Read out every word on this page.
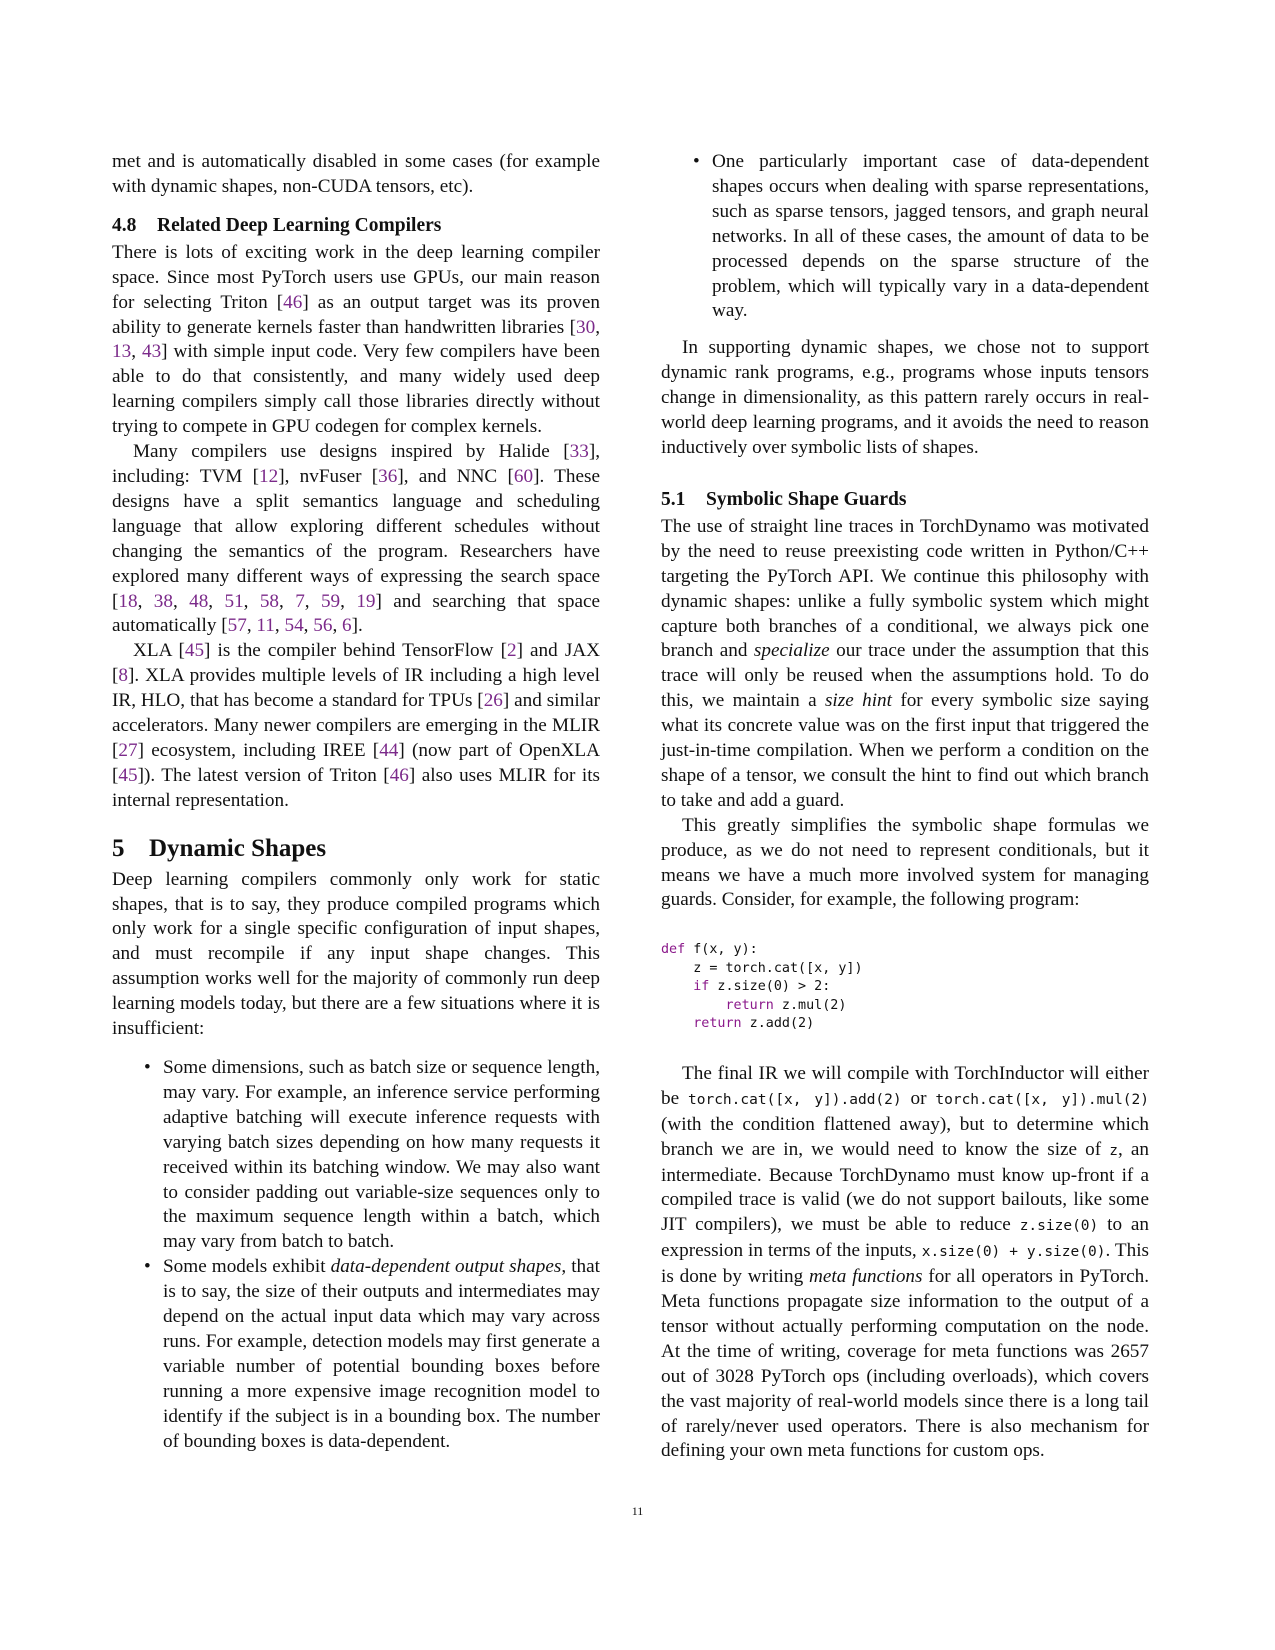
met and is automatically disabled in some cases (for example with dynamic shapes, non-CUDA tensors, etc).

4.8 Related Deep Learning Compilers

There is lots of exciting work in the deep learning compiler space. Since most PyTorch users use GPUs, our main reason for selecting Triton [46] as an output target was its proven ability to generate kernels faster than handwritten libraries [30, 13, 43] with simple input code. Very few compilers have been able to do that consistently, and many widely used deep learning compilers simply call those libraries directly without trying to compete in GPU codegen for complex kernels.

Many compilers use designs inspired by Halide [33], including: TVM [12], nvFuser [36], and NNC [60]. These designs have a split semantics language and scheduling language that allow exploring different schedules without changing the semantics of the program. Researchers have explored many different ways of expressing the search space [18, 38, 48, 51, 58, 7, 59, 19] and searching that space automatically [57, 11, 54, 56, 6].

XLA [45] is the compiler behind TensorFlow [2] and JAX [8]. XLA provides multiple levels of IR including a high level IR, HLO, that has become a standard for TPUs [26] and similar accelerators. Many newer compilers are emerging in the MLIR [27] ecosystem, including IREE [44] (now part of OpenXLA [45]). The latest version of Triton [46] also uses MLIR for its internal representation.

5 Dynamic Shapes

Deep learning compilers commonly only work for static shapes, that is to say, they produce compiled programs which only work for a single specific configuration of input shapes, and must recompile if any input shape changes. This assumption works well for the majority of commonly run deep learning models today, but there are a few situations where it is insufficient:

• Some dimensions, such as batch size or sequence length, may vary. For example, an inference service performing adaptive batching will execute inference requests with varying batch sizes depending on how many requests it received within its batching window. We may also want to consider padding out variable-size sequences only to the maximum sequence length within a batch, which may vary from batch to batch.
• Some models exhibit data-dependent output shapes, that is to say, the size of their outputs and intermediates may depend on the actual input data which may vary across runs. For example, detection models may first generate a variable number of potential bounding boxes before running a more expensive image recognition model to identify if the subject is in a bounding box. The number of bounding boxes is data-dependent.
• One particularly important case of data-dependent shapes occurs when dealing with sparse representations, such as sparse tensors, jagged tensors, and graph neural networks. In all of these cases, the amount of data to be processed depends on the sparse structure of the problem, which will typically vary in a data-dependent way.

In supporting dynamic shapes, we chose not to support dynamic rank programs, e.g., programs whose inputs tensors change in dimensionality, as this pattern rarely occurs in real-world deep learning programs, and it avoids the need to reason inductively over symbolic lists of shapes.

5.1 Symbolic Shape Guards

The use of straight line traces in TorchDynamo was motivated by the need to reuse preexisting code written in Python/C++ targeting the PyTorch API. We continue this philosophy with dynamic shapes: unlike a fully symbolic system which might capture both branches of a conditional, we always pick one branch and specialize our trace under the assumption that this trace will only be reused when the assumptions hold. To do this, we maintain a size hint for every symbolic size saying what its concrete value was on the first input that triggered the just-in-time compilation. When we perform a condition on the shape of a tensor, we consult the hint to find out which branch to take and add a guard.

This greatly simplifies the symbolic shape formulas we produce, as we do not need to represent conditionals, but it means we have a much more involved system for managing guards. Consider, for example, the following program:

def f(x, y):
z = torch.cat([x, y])
if z.size(0) > 2:
return z.mul(2)
return z.add(2)

The final IR we will compile with TorchInductor will either be torch.cat([x, y]).add(2) or torch.cat([x, y]).mul(2) (with the condition flattened away), but to determine which branch we are in, we would need to know the size of z, an intermediate. Because TorchDynamo must know up-front if a compiled trace is valid (we do not support bailouts, like some JIT compilers), we must be able to reduce z.size(0) to an expression in terms of the inputs, x.size(0) + y.size(0). This is done by writing meta functions for all operators in PyTorch. Meta functions propagate size information to the output of a tensor without actually performing computation on the node. At the time of writing, coverage for meta functions was 2657 out of 3028 PyTorch ops (including overloads), which covers the vast majority of real-world models since there is a long tail of rarely/never used operators. There is also mechanism for defining your own meta functions for custom ops.

11
